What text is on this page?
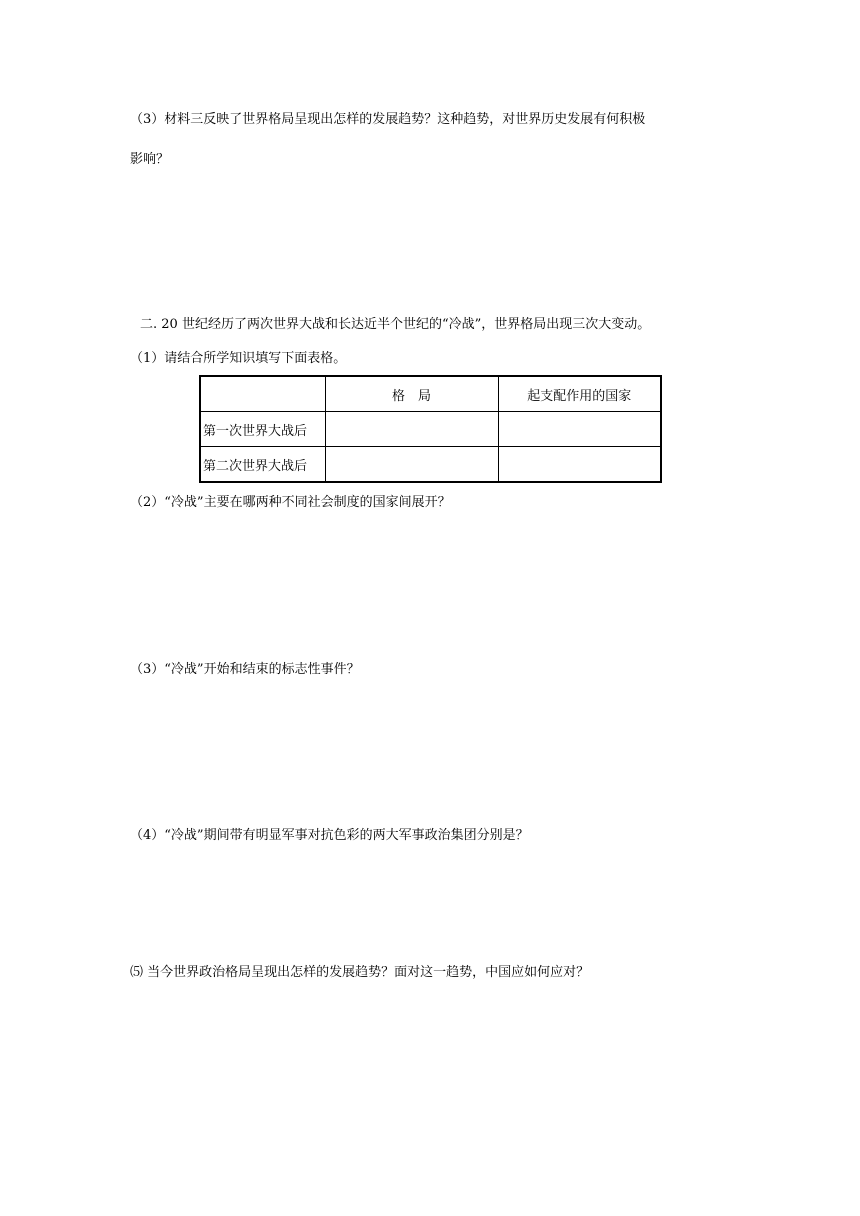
（3）材料三反映了世界格局呈现出怎样的发展趋势？这种趋势，对世界历史发展有何积极
影响？
二. 20 世纪经历了两次世界大战和长达近半个世纪的“冷战”，世界格局出现三次大变动。
（1）请结合所学知识填写下面表格。
	格　局	起支配作用的国家
第一次世界大战后		
第二次世界大战后		
（2）“冷战”主要在哪两种不同社会制度的国家间展开？
（3）“冷战”开始和结束的标志性事件？
（4）“冷战”期间带有明显军事对抗色彩的两大军事政治集团分别是？
⑸ 当今世界政治格局呈现出怎样的发展趋势？面对这一趋势，中国应如何应对？
